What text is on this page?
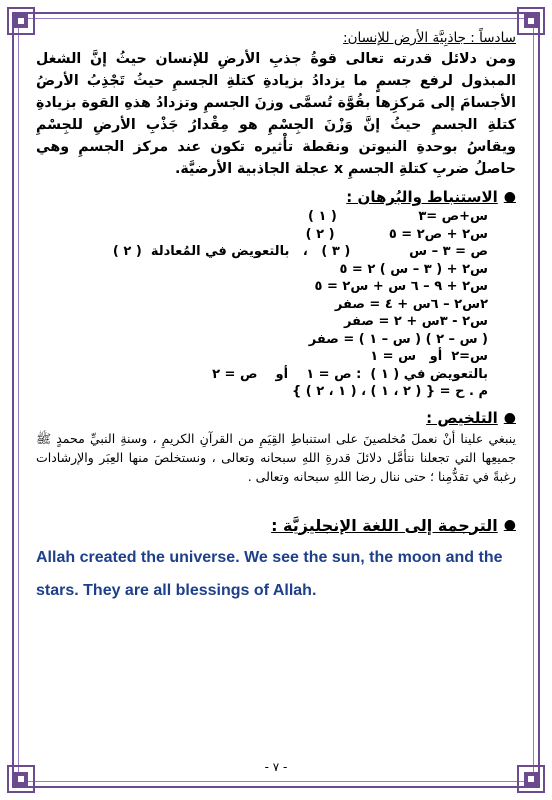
سادساً : جاذبِيَّة الأرض للإنسان:

ومن دلائل قدرته تعالى قوةُ جذبِ الأرضِ للإنسان حيثُ إنَّ الشغل المبذول لرفع جسمٍ ما يزدادُ بزيادةِ كتلةِ الجسمِ حيثُ تَجْذِبُ الأرضُ الأجسامَ إلى مَركزِها بقُوَّة تُسمَّى وزنَ الجسمِ وتزدادُ هذهِ القوة بزيادةِ كتلةِ الجسمِ حيثُ إنَّ وَزْنَ الجِسْمِ هو مِقْدارُ جَذْبِ الأرضِ للجِسْمِ ويقاسُ بوحدةِ النيوتن ونقطة تأْثيره تكون عند مركز الجسمِ وهي حاصلُ ضربِ كتلةِ الجسمِ x عجلة الجاذبية الأرضيَّة.

●
الاستنباط والبُرهان :
س+ص =٣                  ( ١ )
س٢ + ص٢ = ٥            ( ٢ )
ص = ٣ – س             ( ٣ )   ،   بالتعويض في المُعادلة  ( ٢ )
س٢ + ( ٣ – س ) ٢ = ٥
س٢ + ٩ – ٦ س + س٢ = ٥
٢س٢ – ٦س + ٤ = صفر
س٢ - ٣س + ٢ = صفر
( س – ٢ ) ( س – ١ ) = صفر
س=٢  أو   س = ١
بالتعويض في ( ١ )  : ص = ١    أو    ص = ٢
م . ح = { ( ٢ ، ١ ) ، ( ١ ، ٢ ) }
●
التلخيص :

ينبغي علينا أنْ نعملَ مُخلصينَ على استنباطِ القِيَمِ من القرآنِ الكريمِ ، وسنةِ النبيِّ محمدٍ ﷺ جميعِها التي تجعلنا نتأمَّل دلائلَ قدرةِ اللهِ سبحانه وتعالى ، ونستخلصَ منها العِبَر والإرشادات رغبةً في تقدُّمِنا ؛ حتى ننال رضا اللهِ سبحانه وتعالى .

●
الترجمة إلى اللغة الإنجليزيَّة :

Allah created the universe. We see the sun, the moon and the stars. They are all blessings of Allah.

- ٧ -
